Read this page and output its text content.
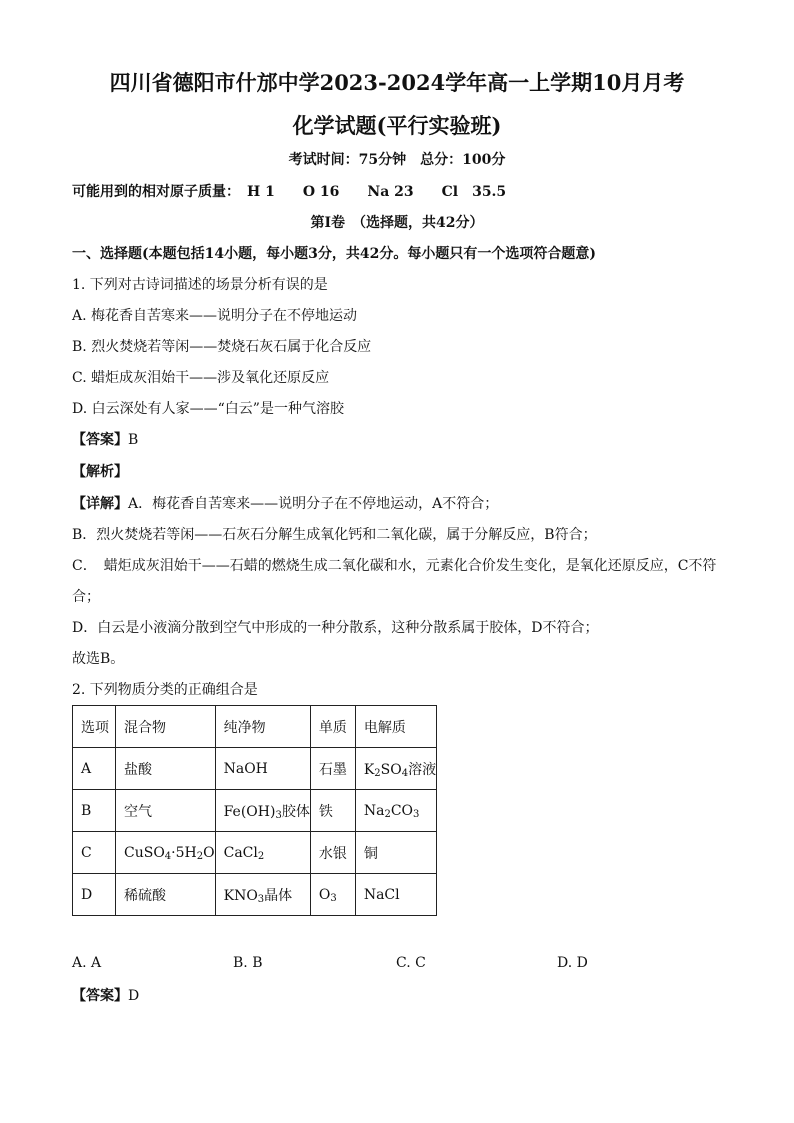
四川省德阳市什邡中学2023-2024学年高一上学期10月月考
化学试题(平行实验班)
考试时间：75分钟　总分：100分
可能用到的相对原子质量：　H 1　　O 16　　Na 23　　Cl　35.5
第Ⅰ卷　（选择题，共42分）
一、选择题(本题包括14小题，每小题3分，共42分。每小题只有一个选项符合题意)
1. 下列对古诗词描述的场景分析有误的是
A. 梅花香自苦寒来——说明分子在不停地运动
B. 烈火焚烧若等闲——焚烧石灰石属于化合反应
C. 蜡炬成灰泪始干——涉及氧化还原反应
D. 白云深处有人家——“白云”是一种气溶胶
【答案】B
【解析】
【详解】A．梅花香自苦寒来——说明分子在不停地运动，A不符合；
B．烈火焚烧若等闲——石灰石分解生成氧化钙和二氧化碳，属于分解反应，B符合；
C．　蜡炬成灰泪始干——石蜡的燃烧生成二氧化碳和水，元素化合价发生变化，是氧化还原反应，C不符
合；
D．白云是小液滴分散到空气中形成的一种分散系，这种分散系属于胶体，D不符合；
故选B。
2. 下列物质分类的正确组合是
选项	混合物	纯净物	单质	电解质
A	盐酸	NaOH	石墨	$K_2SO_4$溶液
B	空气	$Fe(OH)_3$胶体	铁	$Na_2CO_3$
C	$CuSO_4\cdot 5H_2O$	CaCl$_2$	水银	铜
D	稀硫酸	$KNO_3$晶体	$O_3$	NaCl
A. A	B. B	C. C	D. D
【答案】D
